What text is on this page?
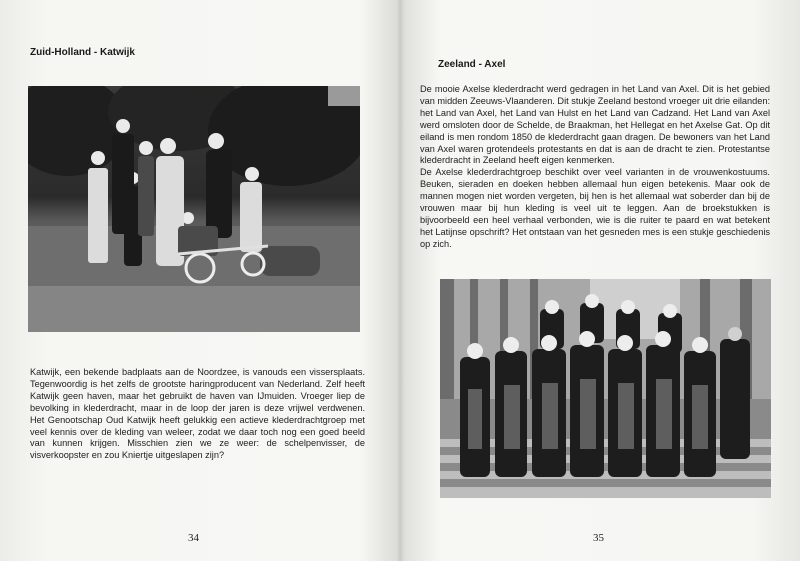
Zuid-Holland - Katwijk

Katwijk, een bekende badplaats aan de Noordzee, is vanouds een vissersplaats. Tegenwoordig is het zelfs de grootste haringproducent van Nederland. Zelf heeft Katwijk geen haven, maar het gebruikt de haven van IJmuiden. Vroeger liep de bevolking in klederdracht, maar in de loop der jaren is deze vrijwel verdwenen. Het Genootschap Oud Katwijk heeft gelukkig een actieve klederdrachtgroep met veel kennis over de kleding van weleer, zodat we daar toch nog een goed beeld van kunnen krijgen. Misschien zien we ze weer: de schelpenvisser, de visverkoopster en zou Kniertje uitgeslapen zijn?

34
Zeeland - Axel

De mooie Axelse klederdracht werd gedragen in het Land van Axel. Dit is het gebied van midden Zeeuws-Vlaanderen. Dit stukje Zeeland bestond vroeger uit drie eilanden: het Land van Axel, het Land van Hulst en het Land van Cadzand. Het Land van Axel werd omsloten door de Schelde, de Braakman, het Hellegat en het Axelse Gat. Op dit eiland is men rondom 1850 de klederdracht gaan dragen. De bewoners van het Land van Axel waren grotendeels protestants en dat is aan de dracht te zien. Protestantse klederdracht in Zeeland heeft eigen kenmerken.

De Axelse klederdrachtgroep beschikt over veel varianten in de vrouwenkostuums. Beuken, sieraden en doeken hebben allemaal hun eigen betekenis. Maar ook de mannen mogen niet worden vergeten, bij hen is het allemaal wat soberder dan bij de vrouwen maar bij hun kleding is veel uit te leggen. Aan de broekstukken is bijvoorbeeld een heel verhaal verbonden, wie is die ruiter te paard en wat betekent het Latijnse opschrift? Het ontstaan van het gesneden mes is een stukje geschiedenis op zich.

35
